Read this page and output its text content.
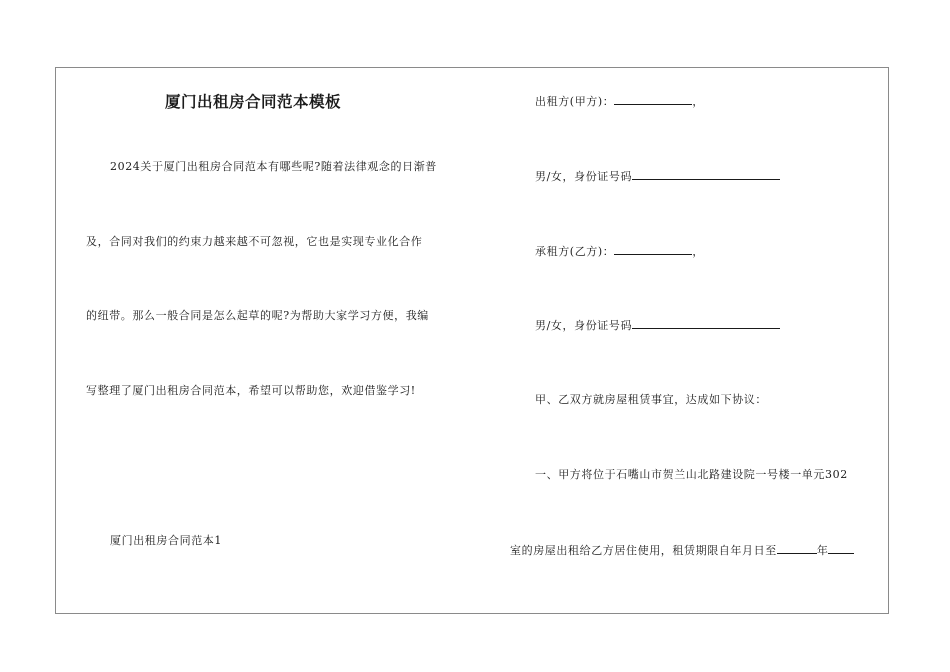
厦门出租房合同范本模板
2024关于厦门出租房合同范本有哪些呢?随着法律观念的日渐普
及，合同对我们的约束力越来越不可忽视，它也是实现专业化合作
的纽带。那么一般合同是怎么起草的呢?为帮助大家学习方便，我编
写整理了厦门出租房合同范本，希望可以帮助您，欢迎借鉴学习!
厦门出租房合同范本1
出租方(甲方)：	，
男/女，身份证号码
承租方(乙方)：	，
男/女，身份证号码
甲、乙双方就房屋租赁事宜，达成如下协议：
一、甲方将位于石嘴山市贺兰山北路建设院一号楼一单元302
室的房屋出租给乙方居住使用，租赁期限自年月日至	年
